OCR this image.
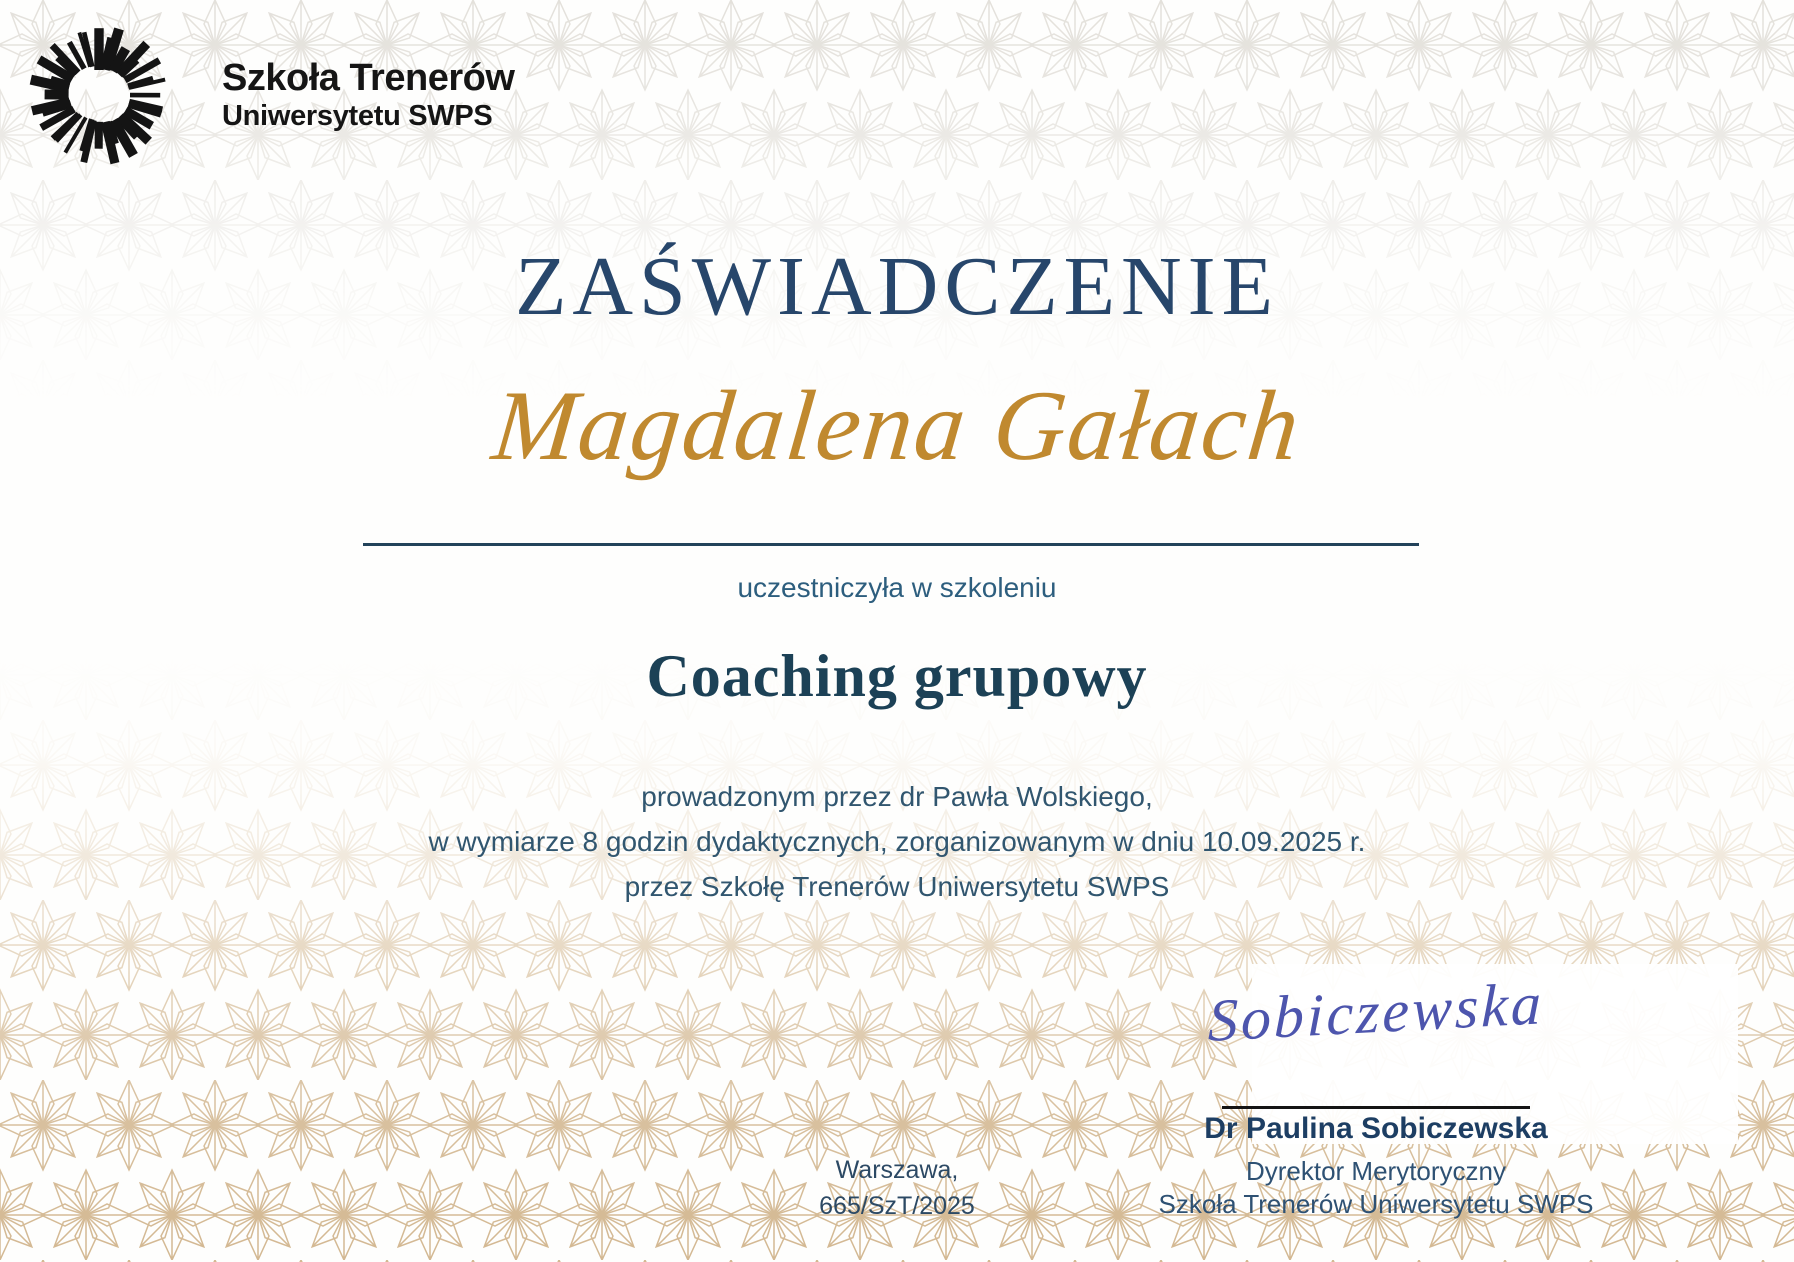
Szkoła Trenerów
Uniwersytetu SWPS
ZAŚWIADCZENIE
Magdalena Gałach
uczestniczyła w szkoleniu
Coaching grupowy
prowadzonym przez dr Pawła Wolskiego,
w wymiarze 8 godzin dydaktycznych, zorganizowanym w dniu 10.09.2025 r.
przez Szkołę Trenerów Uniwersytetu SWPS
Warszawa,
665/SzT/2025
Sobiczewska
Dr Paulina Sobiczewska
Dyrektor Merytoryczny
Szkoła Trenerów Uniwersytetu SWPS
